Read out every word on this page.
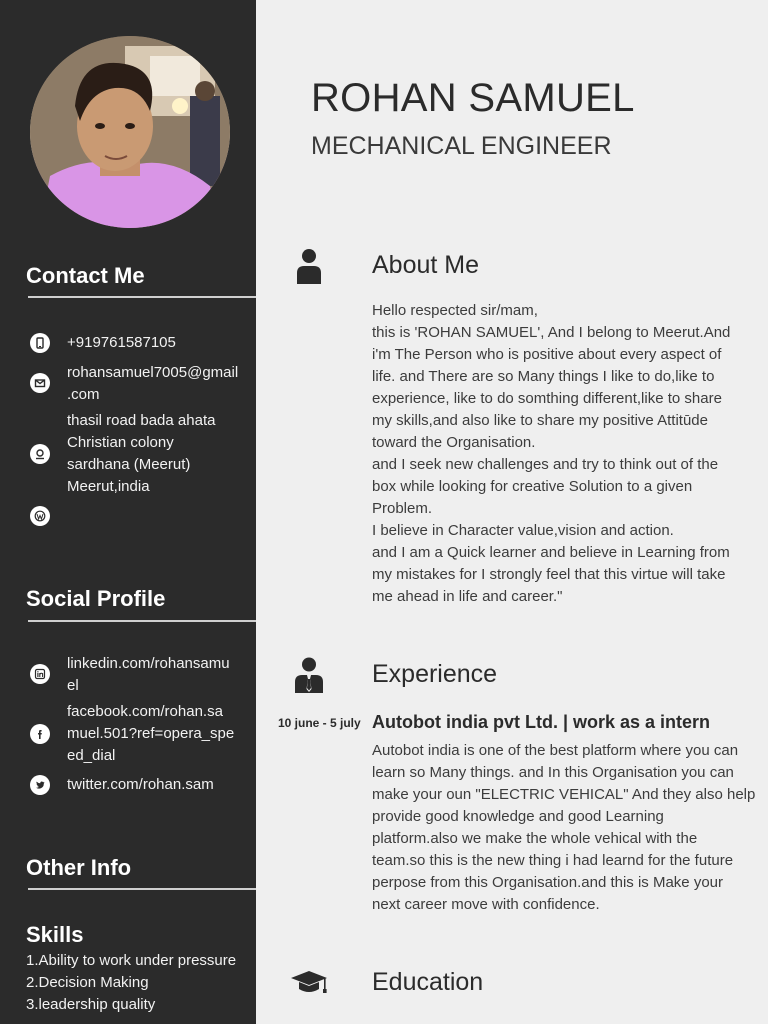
Contact Me
+919761587105
rohansamuel7005@gmail
.com
thasil road bada ahata
Christian colony
sardhana (Meerut)
Meerut,india
Social Profile
linkedin.com/rohansamu
el
facebook.com/rohan.sa
muel.501?ref=opera_spe
ed_dial
twitter.com/rohan.sam
Other Info
Skills
1.Ability to work under pressure
2.Decision Making
3.leadership quality
ROHAN SAMUEL
MECHANICAL ENGINEER
About Me
Hello respected sir/mam,
this is 'ROHAN SAMUEL', And I belong to Meerut.And
i'm The Person who is positive about every aspect of
life. and There are so Many things I like to do,like to
experience, like to do somthing different,like to share
my skills,and also like to share my positive Attitūde
toward the Organisation.
and I seek new challenges and try to think out of the
box while looking for creative Solution to a given
Problem.
I believe in Character value,vision and action.
and I am a Quick learner and believe in Learning from
my mistakes for I strongly feel that this virtue will take
me ahead in life and career."
Experience
10 june - 5 july Autobot india pvt Ltd. | work as a intern
Autobot india is one of the best platform where you can
learn so Many things. and In this Organisation you can
make your oun "ELECTRIC VEHICAL" And they also help
provide good knowledge and good Learning
platform.also we make the whole vehical with the
team.so this is the new thing i had learnd for the future
perpose from this Organisation.and this is Make your
next career move with confidence.
Education
